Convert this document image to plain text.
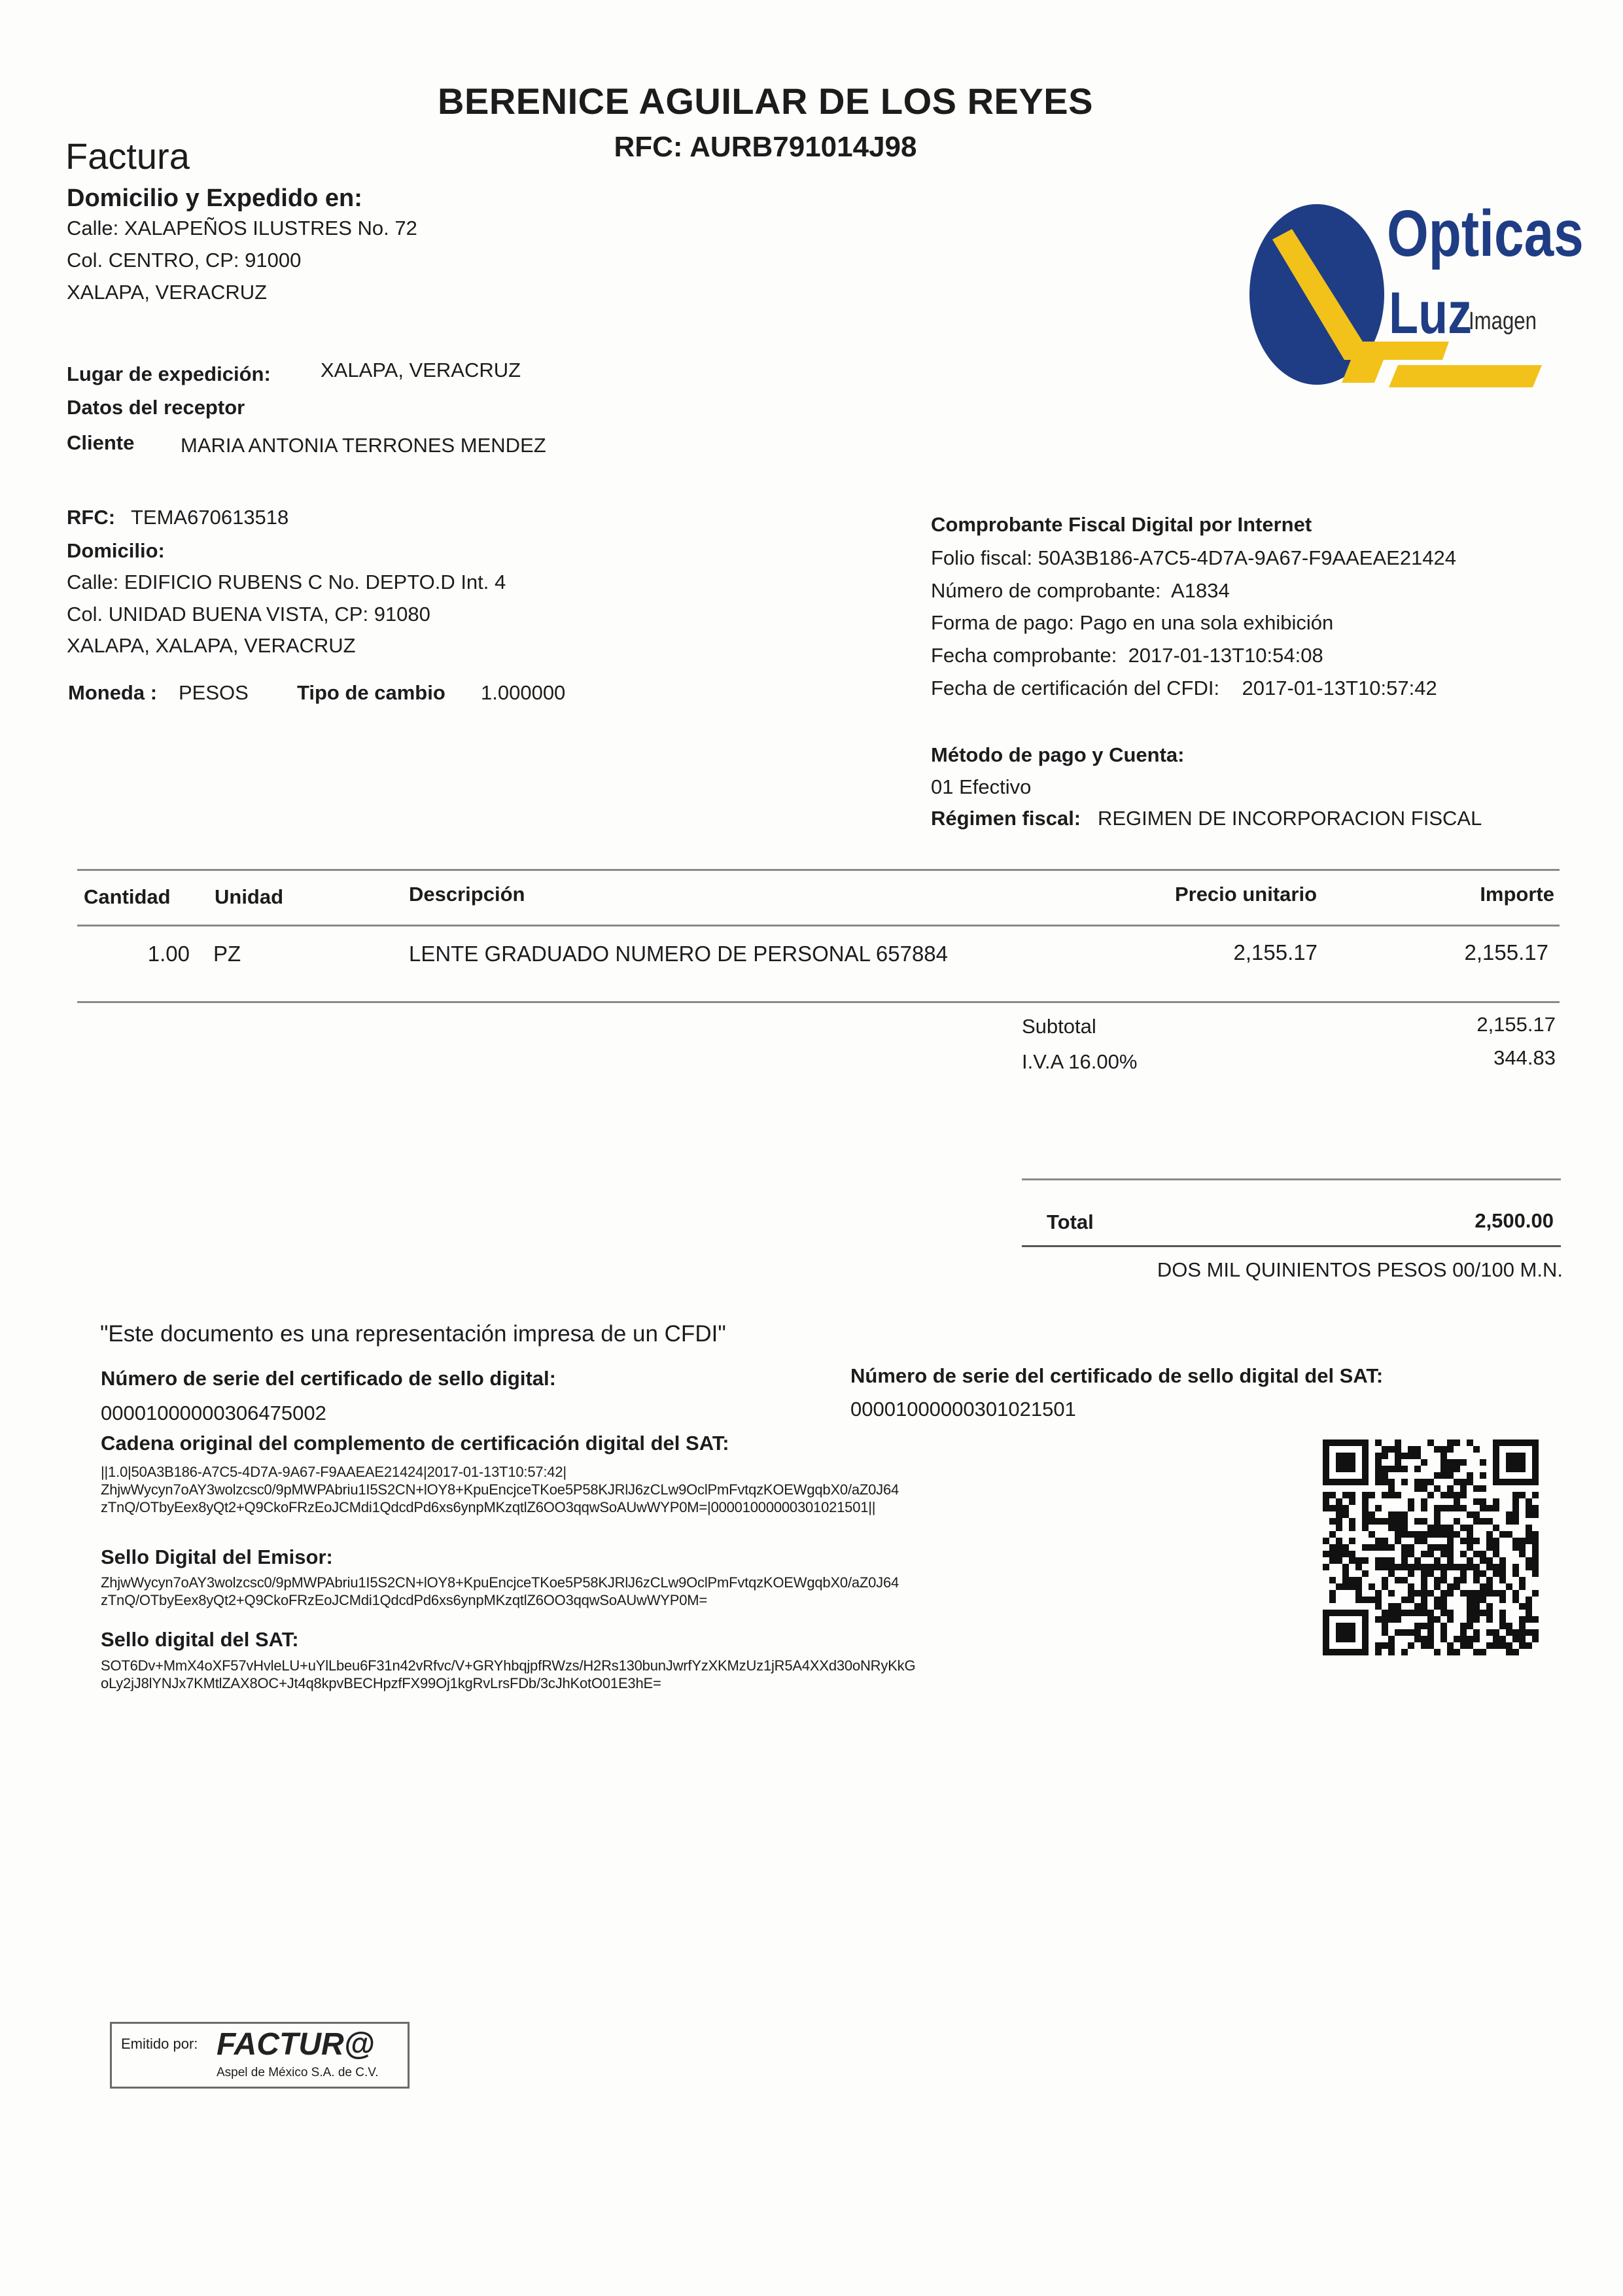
BERENICE AGUILAR DE LOS REYES
RFC: AURB791014J98
Factura
Domicilio y Expedido en:
Calle: XALAPEÑOS ILUSTRES No. 72
Col. CENTRO, CP: 91000
XALAPA, VERACRUZ
Opticas
Luz
Imagen
Lugar de expedición: XALAPA, VERACRUZ
Datos del receptor
Cliente MARIA ANTONIA TERRONES MENDEZ
RFC: TEMA670613518
Domicilio:
Calle: EDIFICIO RUBENS C No. DEPTO.D Int. 4
Col. UNIDAD BUENA VISTA, CP: 91080
XALAPA, XALAPA, VERACRUZ
Moneda : PESOS Tipo de cambio 1.000000
Comprobante Fiscal Digital por Internet
Folio fiscal: 50A3B186-A7C5-4D7A-9A67-F9AAEAE21424
Número de comprobante: A1834
Forma de pago: Pago en una sola exhibición
Fecha comprobante: 2017-01-13T10:54:08
Fecha de certificación del CFDI: 2017-01-13T10:57:42
Método de pago y Cuenta:
01 Efectivo
Régimen fiscal: REGIMEN DE INCORPORACION FISCAL
Cantidad Unidad	Descripción	Precio unitario	Importe
1.00 PZ	LENTE GRADUADO NUMERO DE PERSONAL 657884	2,155.17	2,155.17
Subtotal	2,155.17
I.V.A 16.00%	344.83
Total	2,500.00
DOS MIL QUINIENTOS PESOS 00/100 M.N.
"Este documento es una representación impresa de un CFDI"
Número de serie del certificado de sello digital:
00001000000306475002
Número de serie del certificado de sello digital del SAT:
00001000000301021501
Cadena original del complemento de certificación digital del SAT:
||1.0|50A3B186-A7C5-4D7A-9A67-F9AAEAE21424|2017-01-13T10:57:42|
ZhjwWycyn7oAY3wolzcsc0/9pMWPAbriu1I5S2CN+lOY8+KpuEncjceTKoe5P58KJRlJ6zCLw9OclPmFvtqzKOEWgqbX0/aZ0J64
zTnQ/OTbyEex8yQt2+Q9CkoFRzEoJCMdi1QdcdPd6xs6ynpMKzqtlZ6OO3qqwSoAUwWYP0M=|00001000000301021501||
Sello Digital del Emisor:
ZhjwWycyn7oAY3wolzcsc0/9pMWPAbriu1I5S2CN+lOY8+KpuEncjceTKoe5P58KJRlJ6zCLw9OclPmFvtqzKOEWgqbX0/aZ0J64
zTnQ/OTbyEex8yQt2+Q9CkoFRzEoJCMdi1QdcdPd6xs6ynpMKzqtlZ6OO3qqwSoAUwWYP0M=
Sello digital del SAT:
SOT6Dv+MmX4oXF57vHvleLU+uYlLbeu6F31n42vRfvc/V+GRYhbqjpfRWzs/H2Rs130bunJwrfYzXKMzUz1jR5A4XXd30oNRyKkG
oLy2jJ8lYNJx7KMtlZAX8OC+Jt4q8kpvBECHpzfFX99Oj1kgRvLrsFDb/3cJhKotO01E3hE=
Emitido por: FACTUR@
Aspel de México S.A. de C.V.
